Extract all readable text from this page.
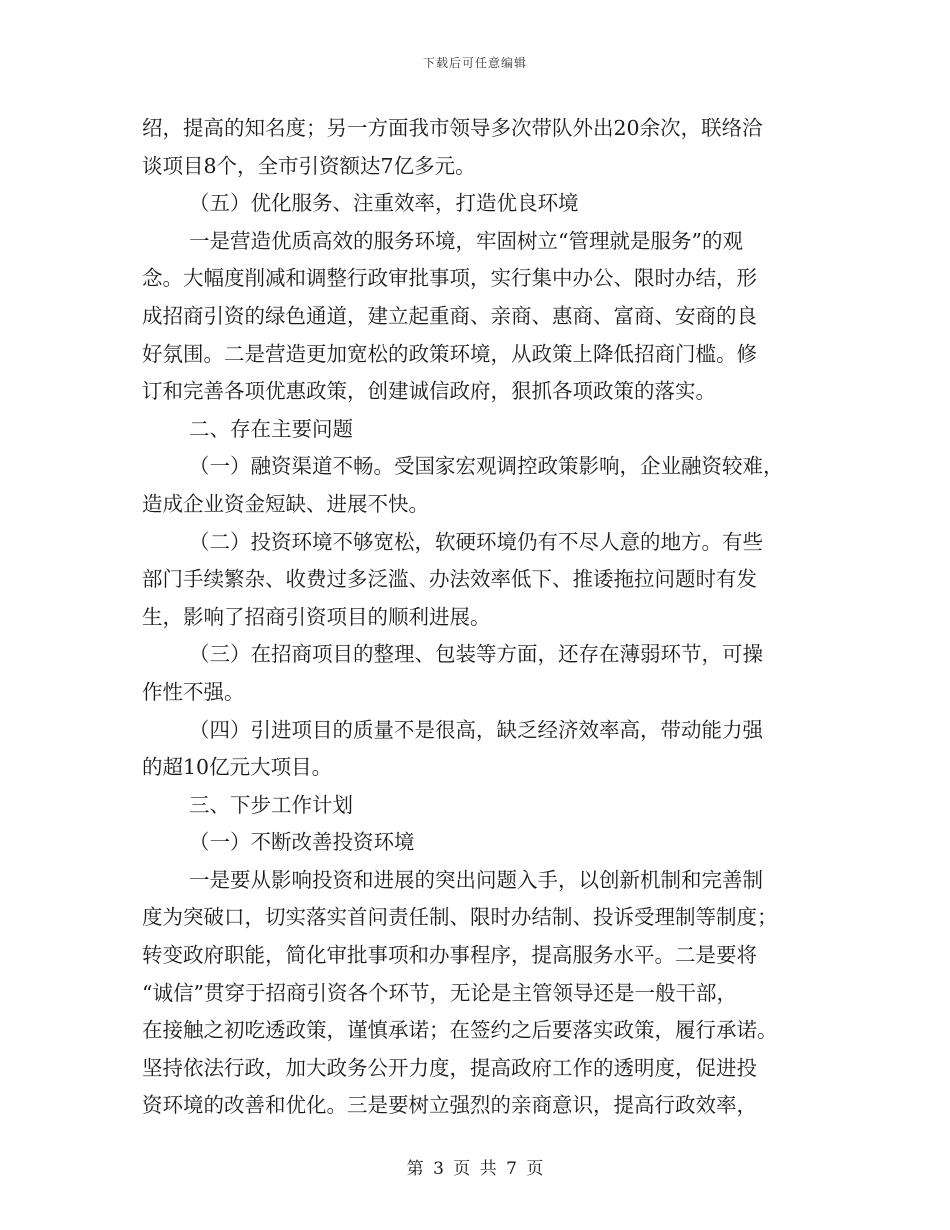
下载后可任意编辑
绍，提高的知名度；另一方面我市领导多次带队外出20余次，联络洽
谈项目8个，全市引资额达7亿多元。
（五）优化服务、注重效率，打造优良环境
一是营造优质高效的服务环境，牢固树立“管理就是服务”的观
念。大幅度削减和调整行政审批事项，实行集中办公、限时办结，形
成招商引资的绿色通道，建立起重商、亲商、惠商、富商、安商的良
好氛围。二是营造更加宽松的政策环境，从政策上降低招商门槛。修
订和完善各项优惠政策，创建诚信政府，狠抓各项政策的落实。
二、存在主要问题
（一）融资渠道不畅。受国家宏观调控政策影响，企业融资较难，
造成企业资金短缺、进展不快。
（二）投资环境不够宽松，软硬环境仍有不尽人意的地方。有些
部门手续繁杂、收费过多泛滥、办法效率低下、推诿拖拉问题时有发
生，影响了招商引资项目的顺利进展。
（三）在招商项目的整理、包装等方面，还存在薄弱环节，可操
作性不强。
（四）引进项目的质量不是很高，缺乏经济效率高，带动能力强
的超10亿元大项目。
三、下步工作计划
（一）不断改善投资环境
一是要从影响投资和进展的突出问题入手，以创新机制和完善制
度为突破口，切实落实首问责任制、限时办结制、投诉受理制等制度；
转变政府职能，简化审批事项和办事程序，提高服务水平。二是要将
“诚信”贯穿于招商引资各个环节，无论是主管领导还是一般干部，
在接触之初吃透政策，谨慎承诺；在签约之后要落实政策，履行承诺。
坚持依法行政，加大政务公开力度，提高政府工作的透明度，促进投
资环境的改善和优化。三是要树立强烈的亲商意识，提高行政效率，
第 3 页 共 7 页
